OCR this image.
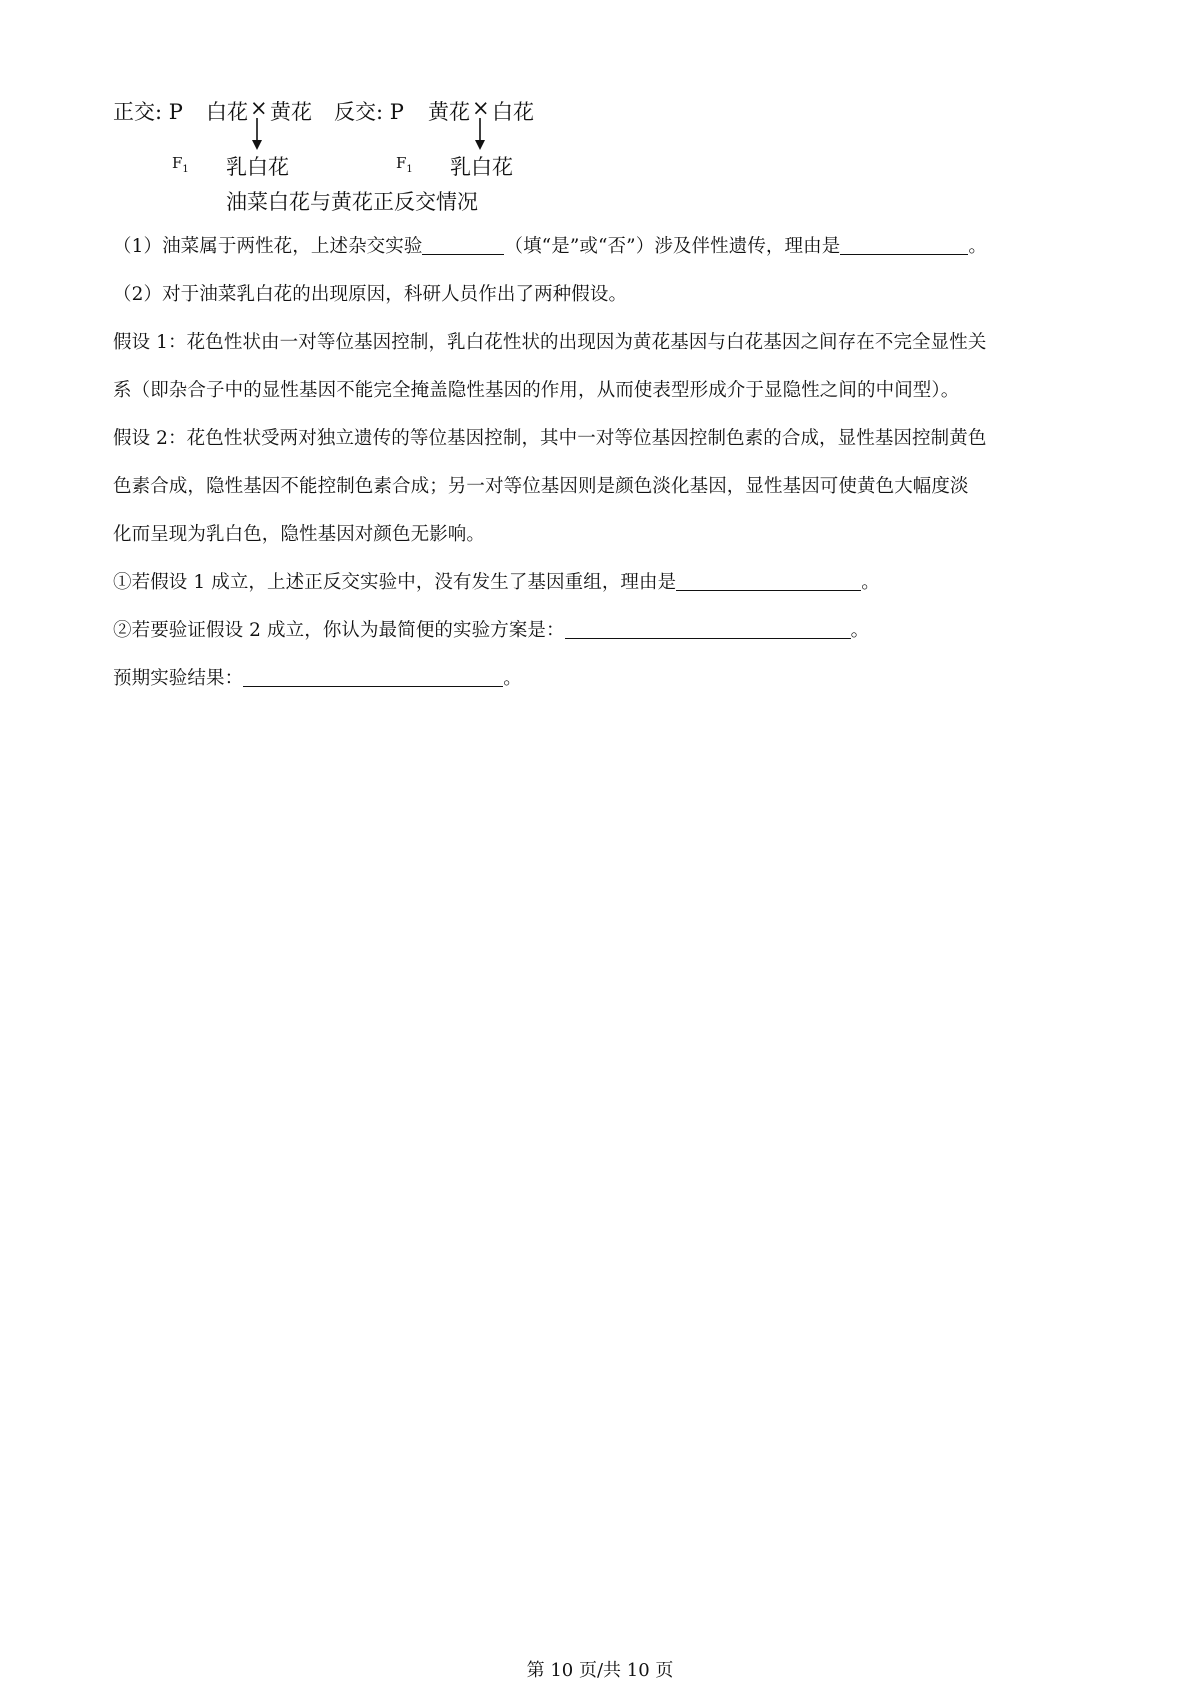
正交: P 白花 × 黄花
$F_1$ 乳白花
反交: P 黄花 × 白花
$F_1$ 乳白花
油菜白花与黄花正反交情况
（1）油菜属于两性花，上述杂交实验	（填“是”或“否”）涉及伴性遗传，理由是	。
（2）对于油菜乳白花的出现原因，科研人员作出了两种假设。
假设 1：花色性状由一对等位基因控制，乳白花性状的出现因为黄花基因与白花基因之间存在不完全显性关
系（即杂合子中的显性基因不能完全掩盖隐性基因的作用，从而使表型形成介于显隐性之间的中间型）。
假设 2：花色性状受两对独立遗传的等位基因控制，其中一对等位基因控制色素的合成，显性基因控制黄色
色素合成，隐性基因不能控制色素合成；另一对等位基因则是颜色淡化基因，显性基因可使黄色大幅度淡
化而呈现为乳白色，隐性基因对颜色无影响。
①若假设 1 成立，上述正反交实验中，没有发生了基因重组，理由是	。
②若要验证假设 2 成立，你认为最简便的实验方案是：	。
预期实验结果：	。
第 10 页/共 10 页
